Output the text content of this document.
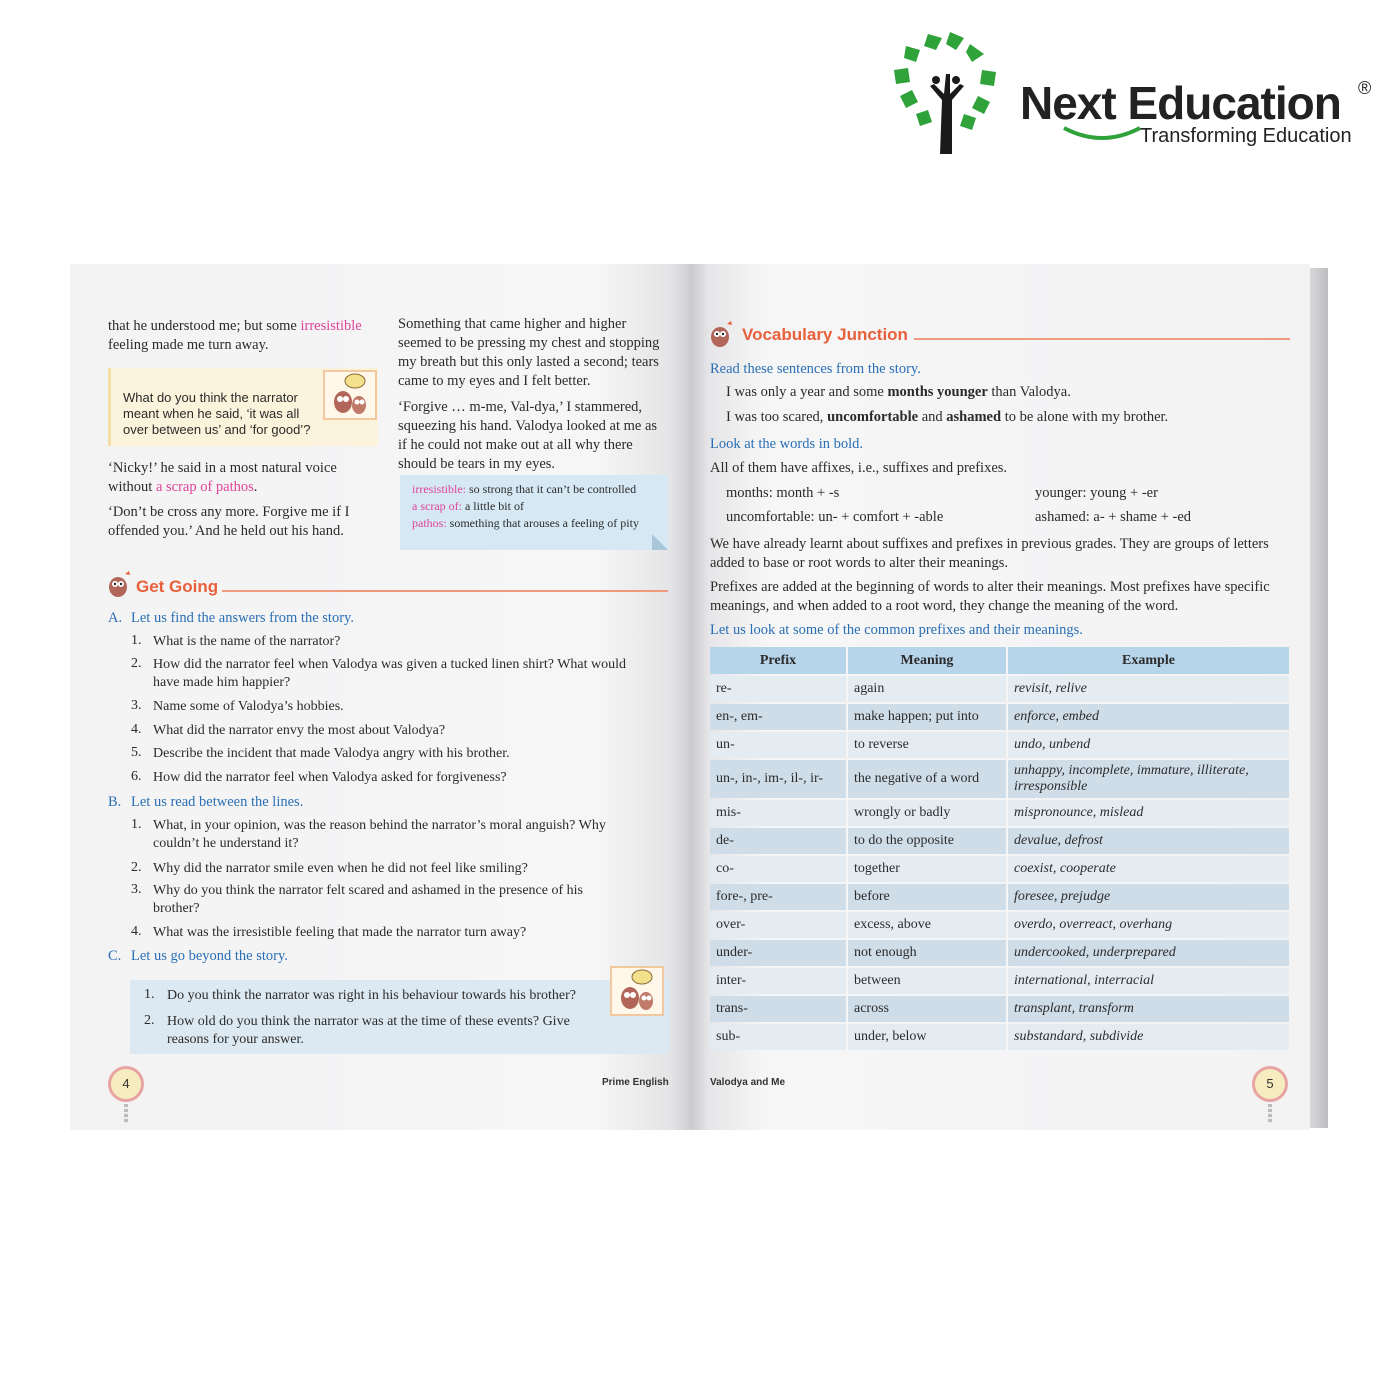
Next Education ®
Transforming Education
that he understood me; but some irresistible
feeling made me turn away.
What do you think the narrator meant when he said, ‘it was all over between us’ and ‘for good’?
‘Nicky!’ he said in a most natural voice
without a scrap of pathos.
‘Don’t be cross any more. Forgive me if I offended you.’ And he held out his hand.
Something that came higher and higher seemed to be pressing my chest and stopping my breath but this only lasted a second; tears came to my eyes and I felt better.
‘Forgive … m-me, Val-dya,’ I stammered, squeezing his hand. Valodya looked at me as if he could not make out at all why there should be tears in my eyes.
irresistible: so strong that it can’t be controlled
a scrap of: a little bit of
pathos: something that arouses a feeling of pity
Get Going
A. Let us find the answers from the story.
1. What is the name of the narrator?
2. How did the narrator feel when Valodya was given a tucked linen shirt? What would have made him happier?
3. Name some of Valodya’s hobbies.
4. What did the narrator envy the most about Valodya?
5. Describe the incident that made Valodya angry with his brother.
6. How did the narrator feel when Valodya asked for forgiveness?
B. Let us read between the lines.
1. What, in your opinion, was the reason behind the narrator’s moral anguish? Why couldn’t he understand it?
2. Why did the narrator smile even when he did not feel like smiling?
3. Why do you think the narrator felt scared and ashamed in the presence of his brother?
4. What was the irresistible feeling that made the narrator turn away?
C. Let us go beyond the story.
1. Do you think the narrator was right in his behaviour towards his brother?
2. How old do you think the narrator was at the time of these events? Give reasons for your answer.
4	Prime English
Vocabulary Junction
Read these sentences from the story.
I was only a year and some months younger than Valodya.
I was too scared, uncomfortable and ashamed to be alone with my brother.
Look at the words in bold.
All of them have affixes, i.e., suffixes and prefixes.
months: month + -s	younger: young + -er
uncomfortable: un- + comfort + -able	ashamed: a- + shame + -ed
We have already learnt about suffixes and prefixes in previous grades. They are groups of letters added to base or root words to alter their meanings.
Prefixes are added at the beginning of words to alter their meanings. Most prefixes have specific meanings, and when added to a root word, they change the meaning of the word.
Let us look at some of the common prefixes and their meanings.
Prefix	Meaning	Example
re-	again	revisit, relive
en-, em-	make happen; put into	enforce, embed
un-	to reverse	undo, unbend
un-, in-, im-, il-, ir-	the negative of a word	unhappy, incomplete, immature, illiterate, irresponsible
mis-	wrongly or badly	mispronounce, mislead
de-	to do the opposite	devalue, defrost
co-	together	coexist, cooperate
fore-, pre-	before	foresee, prejudge
over-	excess, above	overdo, overreact, overhang
under-	not enough	undercooked, underprepared
inter-	between	international, interracial
trans-	across	transplant, transform
sub-	under, below	substandard, subdivide
Valodya and Me	5
